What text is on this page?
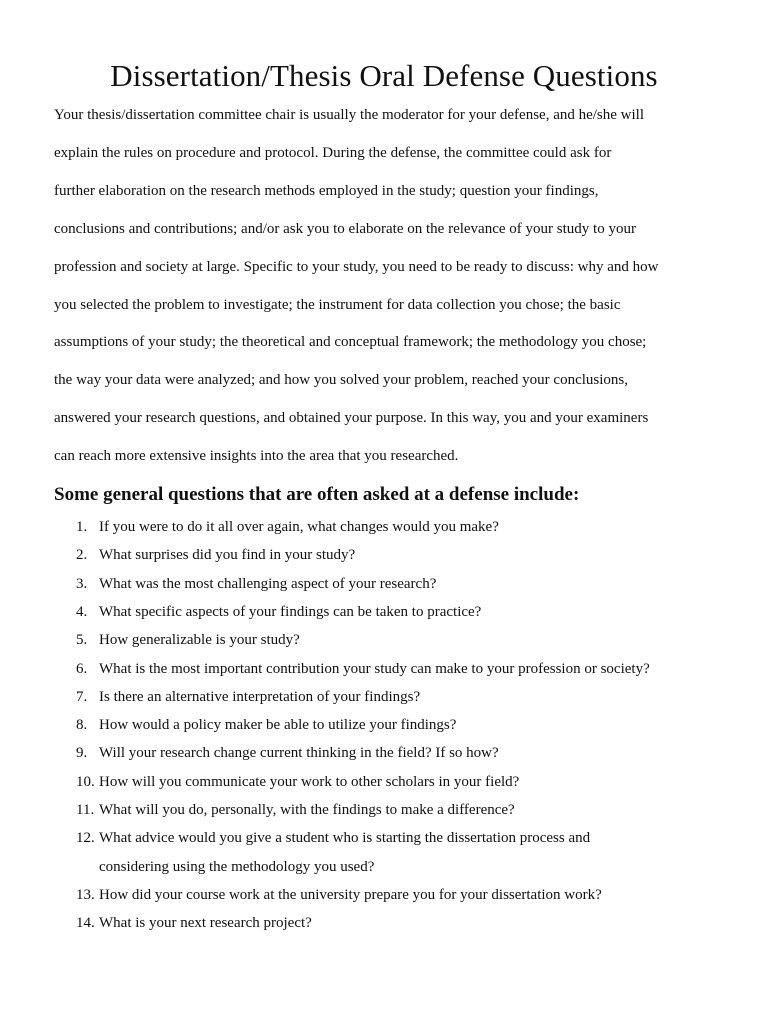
Dissertation/Thesis Oral Defense Questions

Your thesis/dissertation committee chair is usually the moderator for your defense, and he/she will
explain the rules on procedure and protocol. During the defense, the committee could ask for
further elaboration on the research methods employed in the study; question your findings,
conclusions and contributions; and/or ask you to elaborate on the relevance of your study to your
profession and society at large. Specific to your study, you need to be ready to discuss: why and how
you selected the problem to investigate; the instrument for data collection you chose; the basic
assumptions of your study; the theoretical and conceptual framework; the methodology you chose;
the way your data were analyzed; and how you solved your problem, reached your conclusions,
answered your research questions, and obtained your purpose. In this way, you and your examiners
can reach more extensive insights into the area that you researched.

Some general questions that are often asked at a defense include:
1. If you were to do it all over again, what changes would you make?
2. What surprises did you find in your study?
3. What was the most challenging aspect of your research?
4. What specific aspects of your findings can be taken to practice?
5. How generalizable is your study?
6. What is the most important contribution your study can make to your profession or society?
7. Is there an alternative interpretation of your findings?
8. How would a policy maker be able to utilize your findings?
9. Will your research change current thinking in the field? If so how?
10. How will you communicate your work to other scholars in your field?
11. What will you do, personally, with the findings to make a difference?
12. What advice would you give a student who is starting the dissertation process and
considering using the methodology you used?
13. How did your course work at the university prepare you for your dissertation work?
14. What is your next research project?
